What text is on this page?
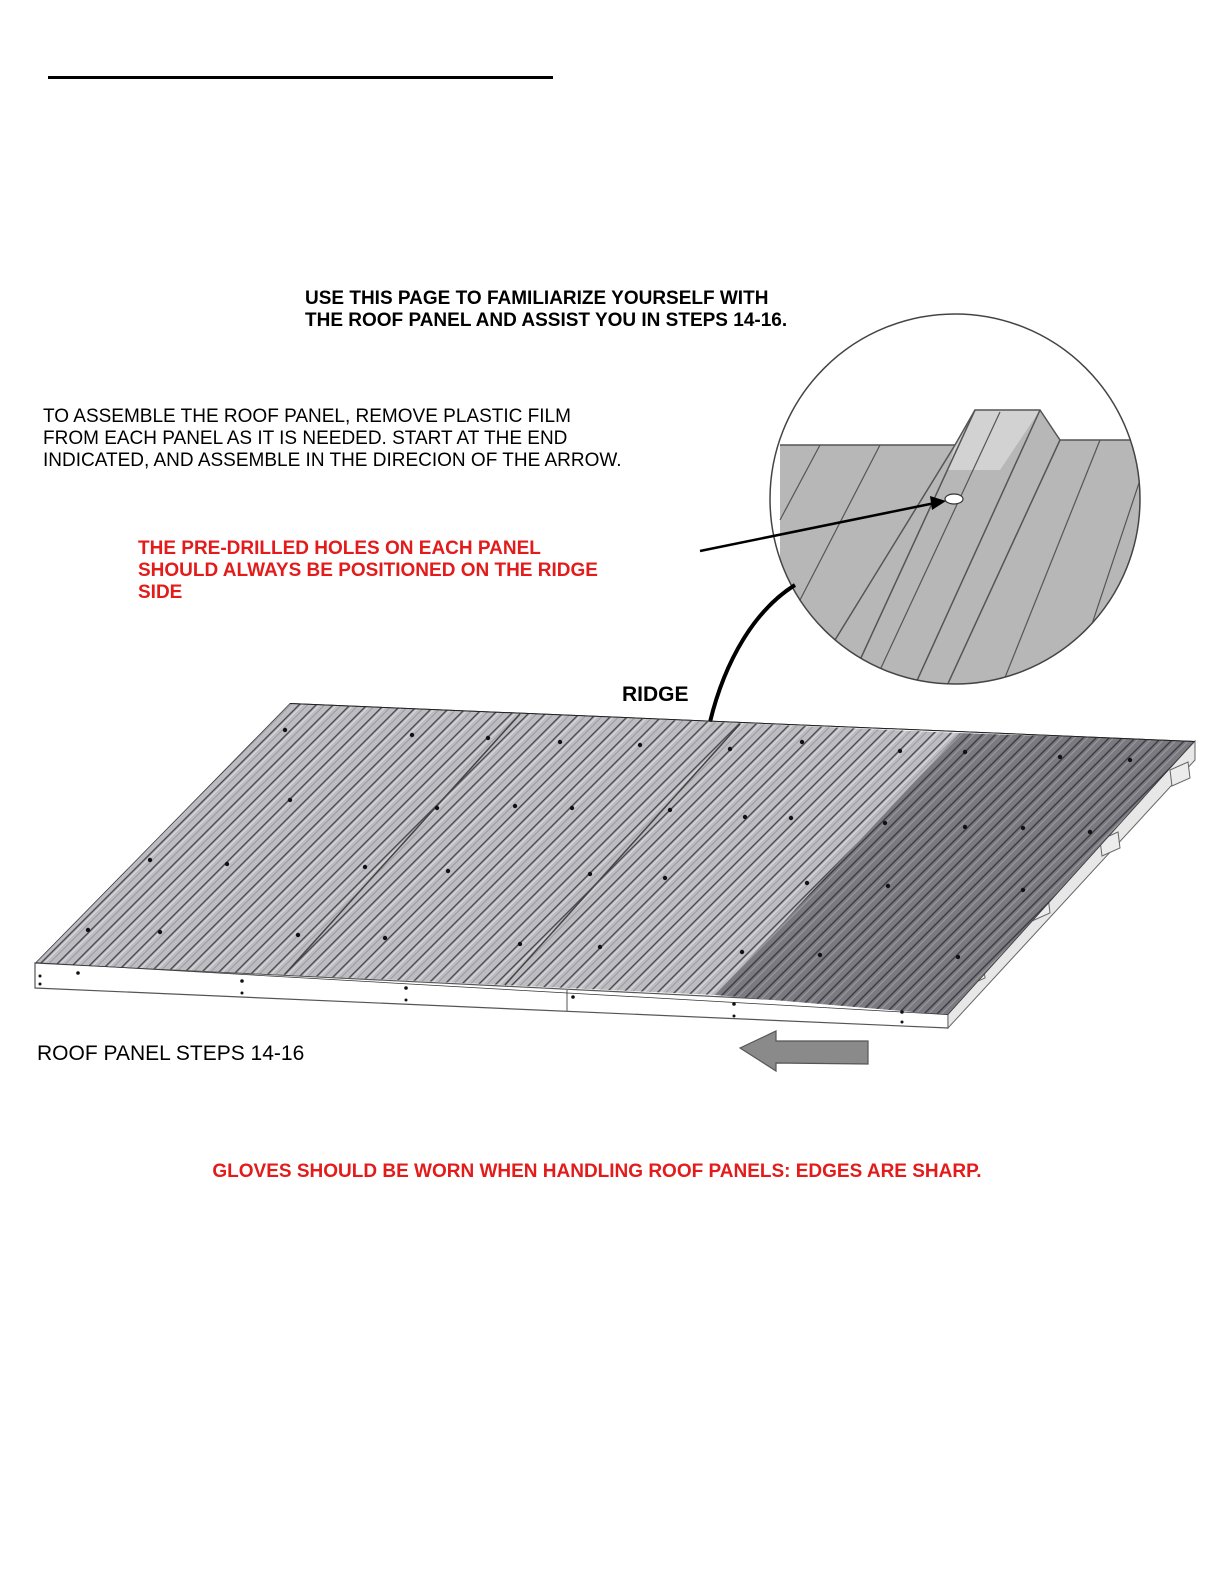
USE THIS PAGE TO FAMILIARIZE YOURSELF WITH
THE ROOF PANEL AND ASSIST YOU IN STEPS 14-16.
TO ASSEMBLE THE ROOF PANEL, REMOVE PLASTIC FILM
FROM EACH PANEL AS IT IS NEEDED. START AT THE END
INDICATED, AND ASSEMBLE IN THE DIRECION OF THE ARROW.
THE PRE-DRILLED HOLES ON EACH PANEL
SHOULD ALWAYS BE POSITIONED ON THE RIDGE
SIDE
RIDGE
ROOF PANEL STEPS 14-16
GLOVES SHOULD BE WORN WHEN HANDLING ROOF PANELS: EDGES ARE SHARP.
